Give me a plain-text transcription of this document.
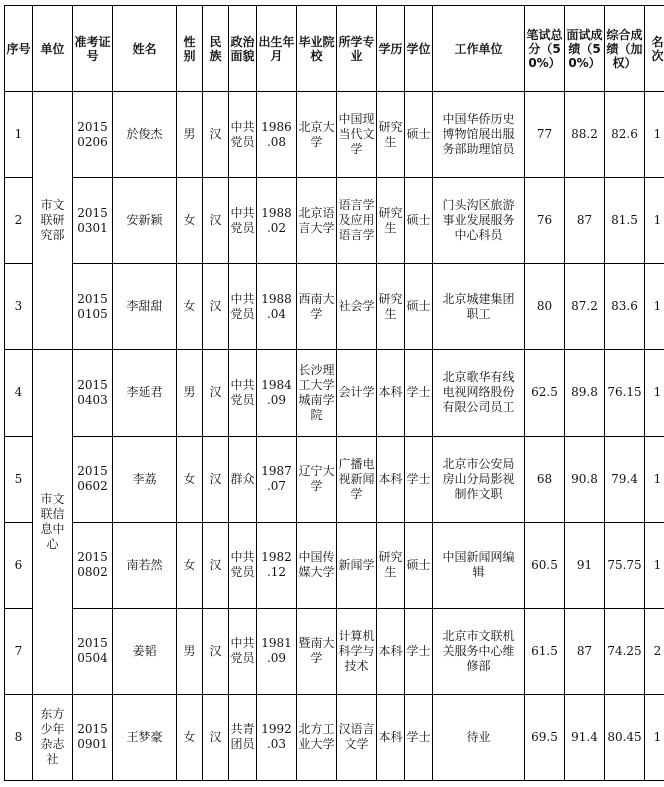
序号	单位	准考证号	姓名	性别	民族	政治面貌	出生年月	毕业院校	所学专业	学历	学位	工作单位	笔试总分（50%）	面试成绩（50%）	综合成绩（加权）	名次
1	市文联研究部	2015 0206	於俊杰	男	汉	中共党员	1986 .08	北京大学	中国现当代文学	研究生	硕士	中国华侨历史博物馆展出服务部助理馆员	77	88.2	82.6	1
2		2015 0301	安新颖	女	汉	中共党员	1988 .02	北京语言大学	语言学及应用语言学	研究生	硕士	门头沟区旅游事业发展服务中心科员	76	87	81.5	1
3		2015 0105	李甜甜	女	汉	中共党员	1988 .04	西南大学	社会学	研究生	硕士	北京城建集团职工	80	87.2	83.6	1
4	市文联信息中心	2015 0403	李延君	男	汉	中共党员	1984 .09	长沙理工大学城南学院	会计学	本科	学士	北京歌华有线电视网络股份有限公司员工	62.5	89.8	76.15	1
5		2015 0602	李荔	女	汉	群众	1987 .07	辽宁大学	广播电视新闻学	本科	学士	北京市公安局房山分局影视制作文职	68	90.8	79.4	1
6		2015 0802	南若然	女	汉	中共党员	1982 .12	中国传媒大学	新闻学	研究生	硕士	中国新闻网编辑	60.5	91	75.75	1
7		2015 0504	姜韬	男	汉	中共党员	1981 .09	暨南大学	计算机科学与技术	本科	学士	北京市文联机关服务中心维修部	61.5	87	74.25	2
8	东方少年杂志社	2015 0901	王梦豪	女	汉	共青团员	1992 .03	北方工业大学	汉语言文学	本科	学士	待业	69.5	91.4	80.45	1
